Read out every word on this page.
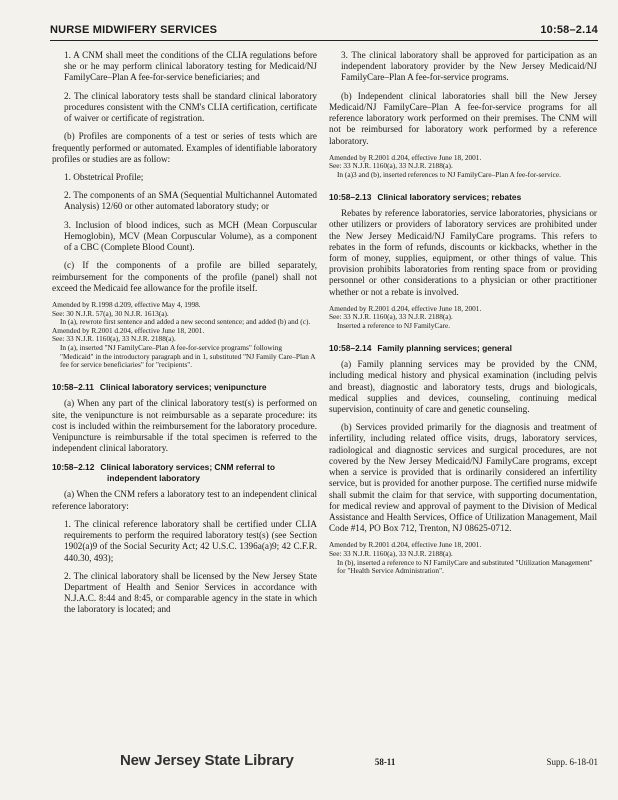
NURSE MIDWIFERY SERVICES	10:58–2.14

1. A CNM shall meet the conditions of the CLIA regulations before she or he may perform clinical laboratory testing for Medicaid/NJ FamilyCare–Plan A fee-for-service beneficiaries; and

2. The clinical laboratory tests shall be standard clinical laboratory procedures consistent with the CNM's CLIA certification, certificate of waiver or certificate of registration.

(b) Profiles are components of a test or series of tests which are frequently performed or automated. Examples of identifiable laboratory profiles or studies are as follow:

1. Obstetrical Profile;

2. The components of an SMA (Sequential Multichannel Automated Analysis) 12/60 or other automated laboratory study; or

3. Inclusion of blood indices, such as MCH (Mean Corpuscular Hemoglobin), MCV (Mean Corpuscular Volume), as a component of a CBC (Complete Blood Count).

(c) If the components of a profile are billed separately, reimbursement for the components of the profile (panel) shall not exceed the Medicaid fee allowance for the profile itself.

Amended by R.1998 d.209, effective May 4, 1998.
See: 30 N.J.R. 57(a), 30 N.J.R. 1613(a).
In (a), rewrote first sentence and added a new second sentence; and added (b) and (c).
Amended by R.2001 d.204, effective June 18, 2001.
See: 33 N.J.R. 1160(a), 33 N.J.R. 2188(a).
In (a), inserted "NJ FamilyCare–Plan A fee-for-service programs" following "Medicaid" in the introductory paragraph and in 1, substituted "NJ Family Care–Plan A fee for service beneficiaries" for "recipients".
10:58–2.11 Clinical laboratory services; venipuncture

(a) When any part of the clinical laboratory test(s) is performed on site, the venipuncture is not reimbursable as a separate procedure: its cost is included within the reimbursement for the laboratory procedure. Venipuncture is reimbursable if the total specimen is referred to the independent clinical laboratory.

10:58–2.12 Clinical laboratory services; CNM referral to
independent laboratory

(a) When the CNM refers a laboratory test to an independent clinical reference laboratory:

1. The clinical reference laboratory shall be certified under CLIA requirements to perform the required laboratory test(s) (see Section 1902(a)9 of the Social Security Act; 42 U.S.C. 1396a(a)9; 42 C.F.R. 440.30, 493);

2. The clinical laboratory shall be licensed by the New Jersey State Department of Health and Senior Services in accordance with N.J.A.C. 8:44 and 8:45, or comparable agency in the state in which the laboratory is located; and

3. The clinical laboratory shall be approved for participation as an independent laboratory provider by the New Jersey Medicaid/NJ FamilyCare–Plan A fee-for-service programs.

(b) Independent clinical laboratories shall bill the New Jersey Medicaid/NJ FamilyCare–Plan A fee-for-service programs for all reference laboratory work performed on their premises. The CNM will not be reimbursed for laboratory work performed by a reference laboratory.

Amended by R.2001 d.204, effective June 18, 2001.
See: 33 N.J.R. 1160(a), 33 N.J.R. 2188(a).
In (a)3 and (b), inserted references to NJ FamilyCare–Plan A fee-for-service.
10:58–2.13 Clinical laboratory services; rebates

Rebates by reference laboratories, service laboratories, physicians or other utilizers or providers of laboratory services are prohibited under the New Jersey Medicaid/NJ FamilyCare programs. This refers to rebates in the form of refunds, discounts or kickbacks, whether in the form of money, supplies, equipment, or other things of value. This provision prohibits laboratories from renting space from or providing personnel or other considerations to a physician or other practitioner whether or not a rebate is involved.

Amended by R.2001 d.204, effective June 18, 2001.
See: 33 N.J.R. 1160(a), 33 N.J.R. 2188(a).
Inserted a reference to NJ FamilyCare.
10:58–2.14 Family planning services; general

(a) Family planning services may be provided by the CNM, including medical history and physical examination (including pelvis and breast), diagnostic and laboratory tests, drugs and biologicals, medical supplies and devices, counseling, continuing medical supervision, continuity of care and genetic counseling.

(b) Services provided primarily for the diagnosis and treatment of infertility, including related office visits, drugs, laboratory services, radiological and diagnostic services and surgical procedures, are not covered by the New Jersey Medicaid/NJ FamilyCare programs, except when a service is provided that is ordinarily considered an infertility service, but is provided for another purpose. The certified nurse midwife shall submit the claim for that service, with supporting documentation, for medical review and approval of payment to the Division of Medical Assistance and Health Services, Office of Utilization Management, Mail Code #14, PO Box 712, Trenton, NJ 08625-0712.

Amended by R.2001 d.204, effective June 18, 2001.
See: 33 N.J.R. 1160(a), 33 N.J.R. 2188(a).
In (b), inserted a reference to NJ FamilyCare and substituted "Utilization Management" for "Health Service Administration".
New Jersey State Library	58-11	Supp. 6-18-01
